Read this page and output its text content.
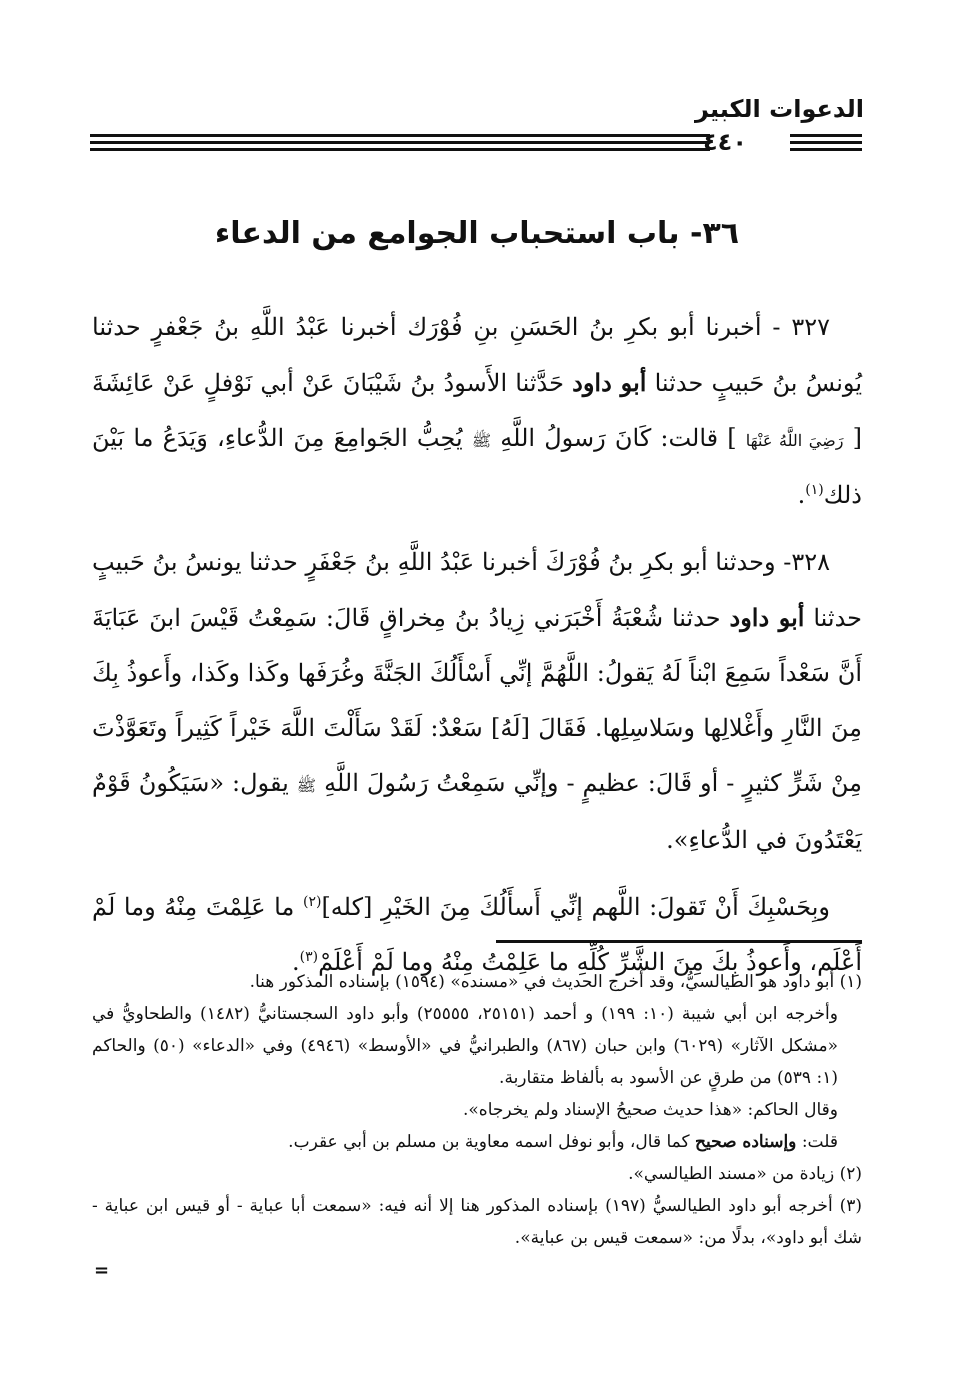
الدعوات الكبير
٤٤٠
٣٦- باب استحباب الجوامع من الدعاء

٣٢٧ - أخبرنا أبو بكرِ بنُ الحَسَنِ بنِ فُوْرَك أخبرنا عَبْدُ اللَّهِ بنُ جَعْفرٍ حدثنا يُونسُ بنُ حَبيبٍ حدثنا أبو داود حَدَّثنا الأَسودُ بنُ شَيْبَانَ عَنْ أبي نَوْفلٍ عَنْ عَائِشَةَ [ رَضِيَ اللَّهُ عَنْهَا ] قالت: كَانَ رَسولُ اللَّهِ ﷺ يُحِبُّ الجَوامِعَ مِنَ الدُّعاءِ، وَيَدَعُ ما بَيْنَ ذلك$^{(١)}$.

٣٢٨- وحدثنا أبو بكرِ بنُ فُوْرَكَ أخبرنا عَبْدُ اللَّهِ بنُ جَعْفَرٍ حدثنا يونسُ بنُ حَبيبٍ حدثنا أبو داود حدثنا شُعْبَةُ أَخْبَرَني زِيادُ بنُ مِخراقٍ قَالَ: سَمِعْتُ قَيْسَ ابنَ عَبَايَةَ أَنَّ سَعْداً سَمِعَ ابْناً لَهُ يَقولُ: اللَّهُمَّ إنِّي أَسْأَلُكَ الجَنَّةَ وغُرَفَها وكَذا وكَذا، وأَعوذُ بِكَ مِنَ النَّارِ وأَغْلالِها وسَلاسِلِها. فَقَالَ [لَهُ] سَعْدٌ: لَقَدْ سَأَلْتَ اللَّهَ خَيْراً كَثِيراً وتَعَوَّذْتَ مِنْ شَرٍّ كثيرٍ - أو قَالَ: عظيمٍ - وإنِّي سَمِعْتُ رَسُولَ اللَّهِ ﷺ يقول: «سَيَكُونُ قَوْمٌ يَعْتَدُونَ في الدُّعاءِ».

وبِحَسْبِكَ أَنْ تَقولَ: اللَّهم إنِّي أَسأَلُكَ مِنَ الخَيْرِ [كله]$^{(٢)}$ ما عَلِمْتَ مِنْهُ وما لَمْ أَعْلَم، وأَعوذُ بِكَ مِنَ الشَّرِّ كُلِّهِ ما عَلِمْتُ مِنْهُ وما لَمْ أَعْلَمْ$^{(٣)}$.

(١) أبو داود هو الطيالسيُّ، وقد أخرج الحديث في «مسنده» (١٥٩٤) بإسناده المذكور هنا.

وأخرجه ابن أبي شيبة (١٠: ١٩٩) و أحمد (٢٥١٥١، ٢٥٥٥٥) وأبو داود السجستانيُّ (١٤٨٢) والطحاويُّ في «مشكل الآثار» (٦٠٢٩) وابن حبان (٨٦٧) والطبرانيُّ في «الأوسط» (٤٩٤٦) وفي «الدعاء» (٥٠) والحاكم (١: ٥٣٩) من طرقٍ عن الأسود به بألفاظ متقاربة.

وقال الحاكم: «هذا حديث صحيحُ الإسناد ولم يخرجاه».

قلت: وإسناده صحيح كما قال، وأبو نوفل اسمه معاوية بن مسلم بن أبي عقرب.

(٢) زيادة من «مسند الطيالسي».

(٣) أخرجه أبو داود الطيالسيُّ (١٩٧) بإسناده المذكور هنا إلا أنه فيه: «سمعت أبا عباية - أو قيس ابن عباية - شك أبو داود»، بدلًا من: «سمعت قيس بن عباية».

=
